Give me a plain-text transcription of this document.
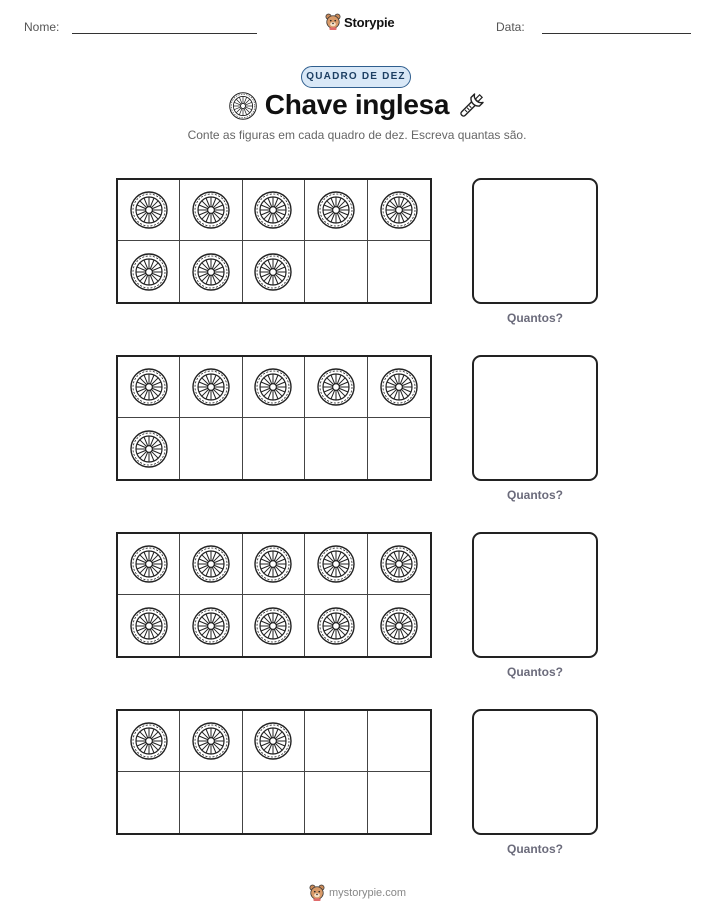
Nome:	Storypie	Data:
QUADRO DE DEZ
Chave inglesa
Conte as figuras em cada quadro de dez. Escreva quantas são.
Quantos?
Quantos?
Quantos?
Quantos?
mystorypie.com
